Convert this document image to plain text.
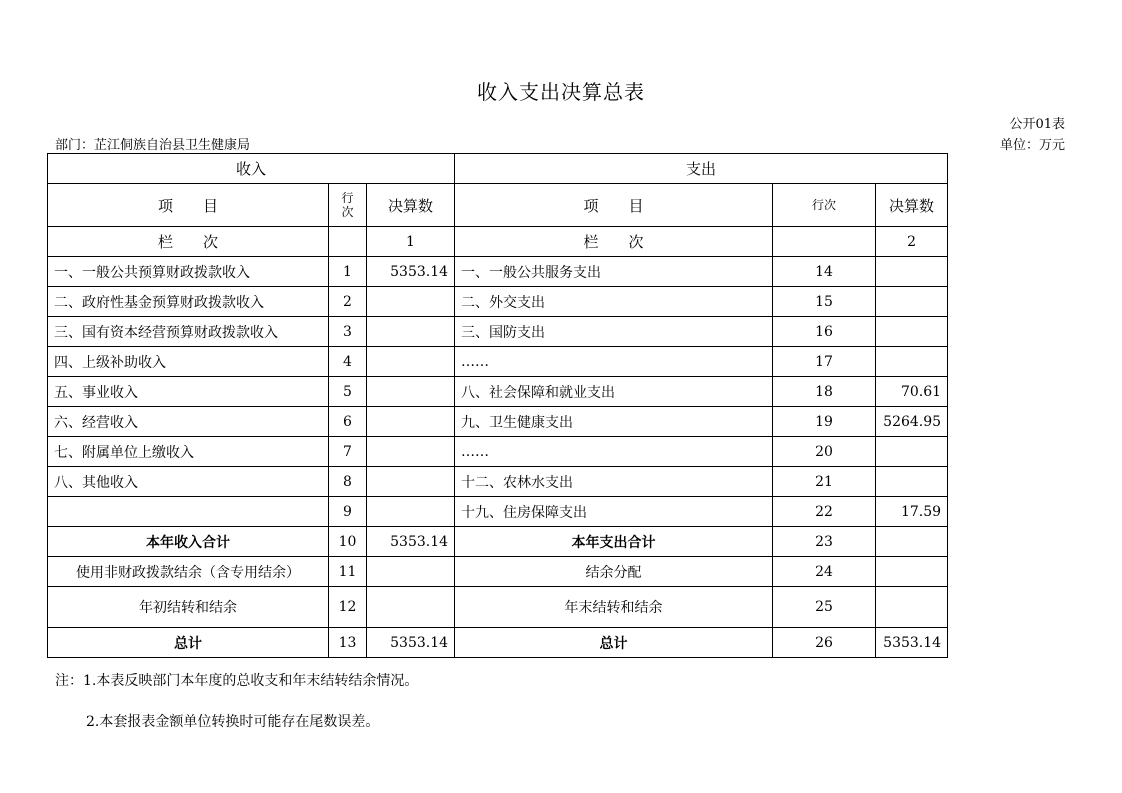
收入支出决算总表
公开01表
部门：芷江侗族自治县卫生健康局	单位：万元
收入			支出		
项　　目	行次	决算数	项　　目	行次	决算数
栏　　次		1	栏　　次		2
一、一般公共预算财政拨款收入	1	5353.14	一、一般公共服务支出	14	
二、政府性基金预算财政拨款收入	2		二、外交支出	15	
三、国有资本经营预算财政拨款收入	3		三、国防支出	16	
四、上级补助收入	4		……	17	
五、事业收入	5		八、社会保障和就业支出	18	70.61
六、经营收入	6		九、卫生健康支出	19	5264.95
七、附属单位上缴收入	7		……	20	
八、其他收入	8		十二、农林水支出	21	
	9		十九、住房保障支出	22	17.59
本年收入合计	10	5353.14	本年支出合计	23	
使用非财政拨款结余（含专用结余）	11		结余分配	24	
年初结转和结余	12		年末结转和结余	25	
总计	13	5353.14	总计	26	5353.14
注：1.本表反映部门本年度的总收支和年末结转结余情况。
2.本套报表金额单位转换时可能存在尾数误差。
